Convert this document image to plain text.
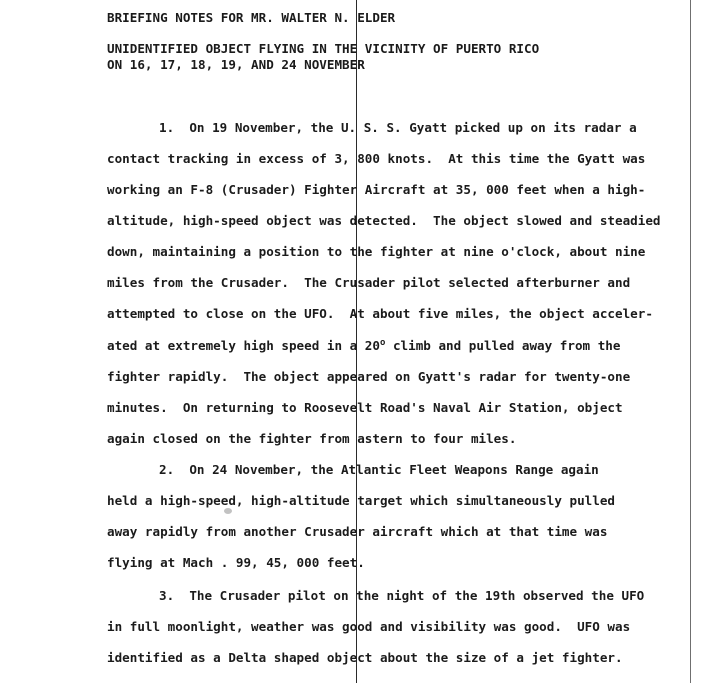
BRIEFING NOTES FOR MR. WALTER N. ELDER
UNIDENTIFIED OBJECT FLYING IN THE VICINITY OF PUERTO RICO
ON 16, 17, 18, 19, AND 24 NOVEMBER
1.  On 19 November, the U. S. S. Gyatt picked up on its radar a
contact tracking in excess of 3, 800 knots.  At this time the Gyatt was
working an F-8 (Crusader) Fighter Aircraft at 35, 000 feet when a high-
altitude, high-speed object was detected.  The object slowed and steadied
down, maintaining a position to the fighter at nine o'clock, about nine
miles from the Crusader.  The Crusader pilot selected afterburner and
attempted to close on the UFO.  At about five miles, the object acceler-
ated at extremely high speed in a 20$^o$ climb and pulled away from the
fighter rapidly.  The object appeared on Gyatt's radar for twenty-one
minutes.  On returning to Roosevelt Road's Naval Air Station, object
again closed on the fighter from astern to four miles.
2.  On 24 November, the Atlantic Fleet Weapons Range again
held a high-speed, high-altitude target which simultaneously pulled
away rapidly from another Crusader aircraft which at that time was
flying at Mach . 99, 45, 000 feet.
3.  The Crusader pilot on the night of the 19th observed the UFO
in full moonlight, weather was good and visibility was good.  UFO was
identified as a Delta shaped object about the size of a jet fighter.
